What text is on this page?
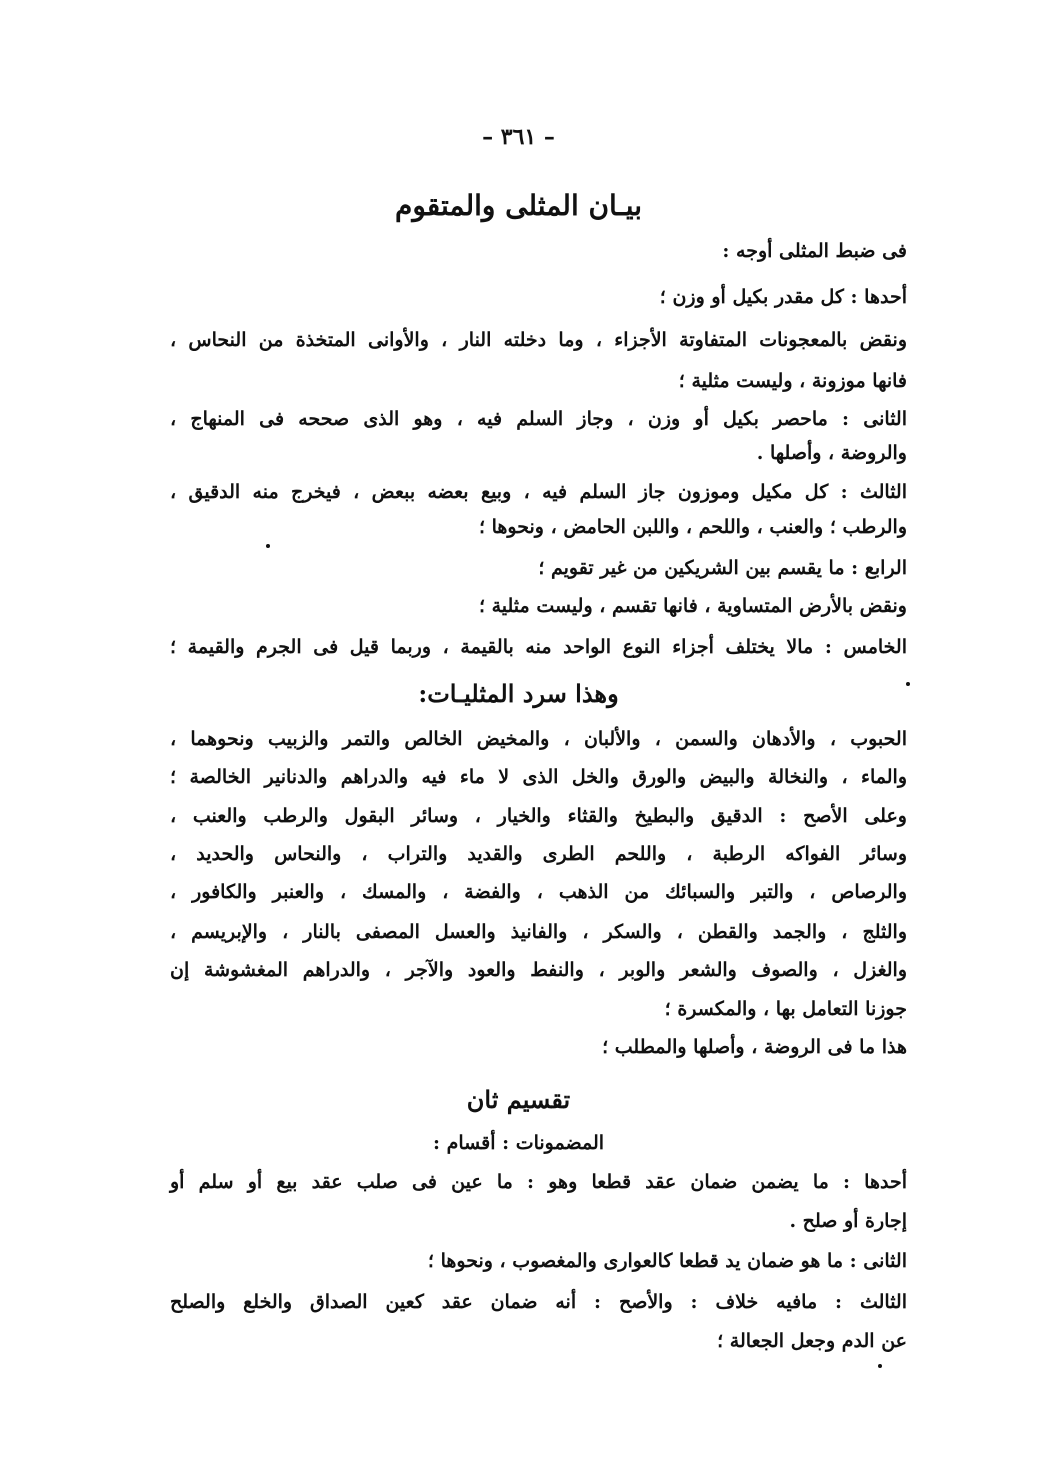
– ٣٦١ –
بيـان المثلى والمتقوم
فى ضبط المثلى أوجه :
أحدها : كل مقدر بكيل أو وزن ؛
ونقض بالمعجونات المتفاوتة الأجزاء ، وما دخلته النار ، والأوانى المتخذة من النحاس ،
فانها موزونة ، وليست مثلية ؛
الثانى : ماحصر بكيل أو وزن ، وجاز السلم فيه ، وهو الذى صححه فى المنهاج ،
والروضة ، وأصلها .
الثالث : كل مكيل وموزون جاز السلم فيه ، وبيع بعضه ببعض ، فيخرج منه الدقيق ،
والرطب ؛ والعنب ، واللحم ، واللبن الحامض ، ونحوها ؛
الرابع : ما يقسم بين الشريكين من غير تقويم ؛
ونقض بالأرض المتساوية ، فانها تقسم ، وليست مثلية ؛
الخامس : مالا يختلف أجزاء النوع الواحد منه بالقيمة ، وربما قيل فى الجرم والقيمة ؛
وهذا سرد المثليـات:
الحبوب ، والأدهان والسمن ، والألبان ، والمخيض الخالص والتمر والزبيب ونحوهما ،
والماء ، والنخالة والبيض والورق والخل الذى لا ماء فيه والدراهم والدنانير الخالصة ؛
وعلى الأصح : الدقيق والبطيخ والقثاء والخيار ، وسائر البقول والرطب والعنب ،
وسائر الفواكه الرطبة ، واللحم الطرى والقديد والتراب ، والنحاس والحديد ،
والرصاص ، والتبر والسبائك من الذهب ، والفضة ، والمسك ، والعنبر والكافور ،
والثلج ، والجمد والقطن ، والسكر ، والفانيذ والعسل المصفى بالنار ، والإبريسم ،
والغزل ، والصوف والشعر والوبر ، والنفط والعود والآجر ، والدراهم المغشوشة إن
جوزنا التعامل بها ، والمكسرة ؛
هذا ما فى الروضة ، وأصلها والمطلب ؛
تقسيم ثان
المضمونات : أقسام :
أحدها : ما يضمن ضمان عقد قطعا وهو : ما عين فى صلب عقد بيع أو سلم أو
إجارة أو صلح .
الثانى : ما هو ضمان يد قطعا كالعوارى والمغصوب ، ونحوها ؛
الثالث : مافيه خلاف : والأصح : أنه ضمان عقد كعين الصداق والخلع والصلح
عن الدم وجعل الجعالة ؛
